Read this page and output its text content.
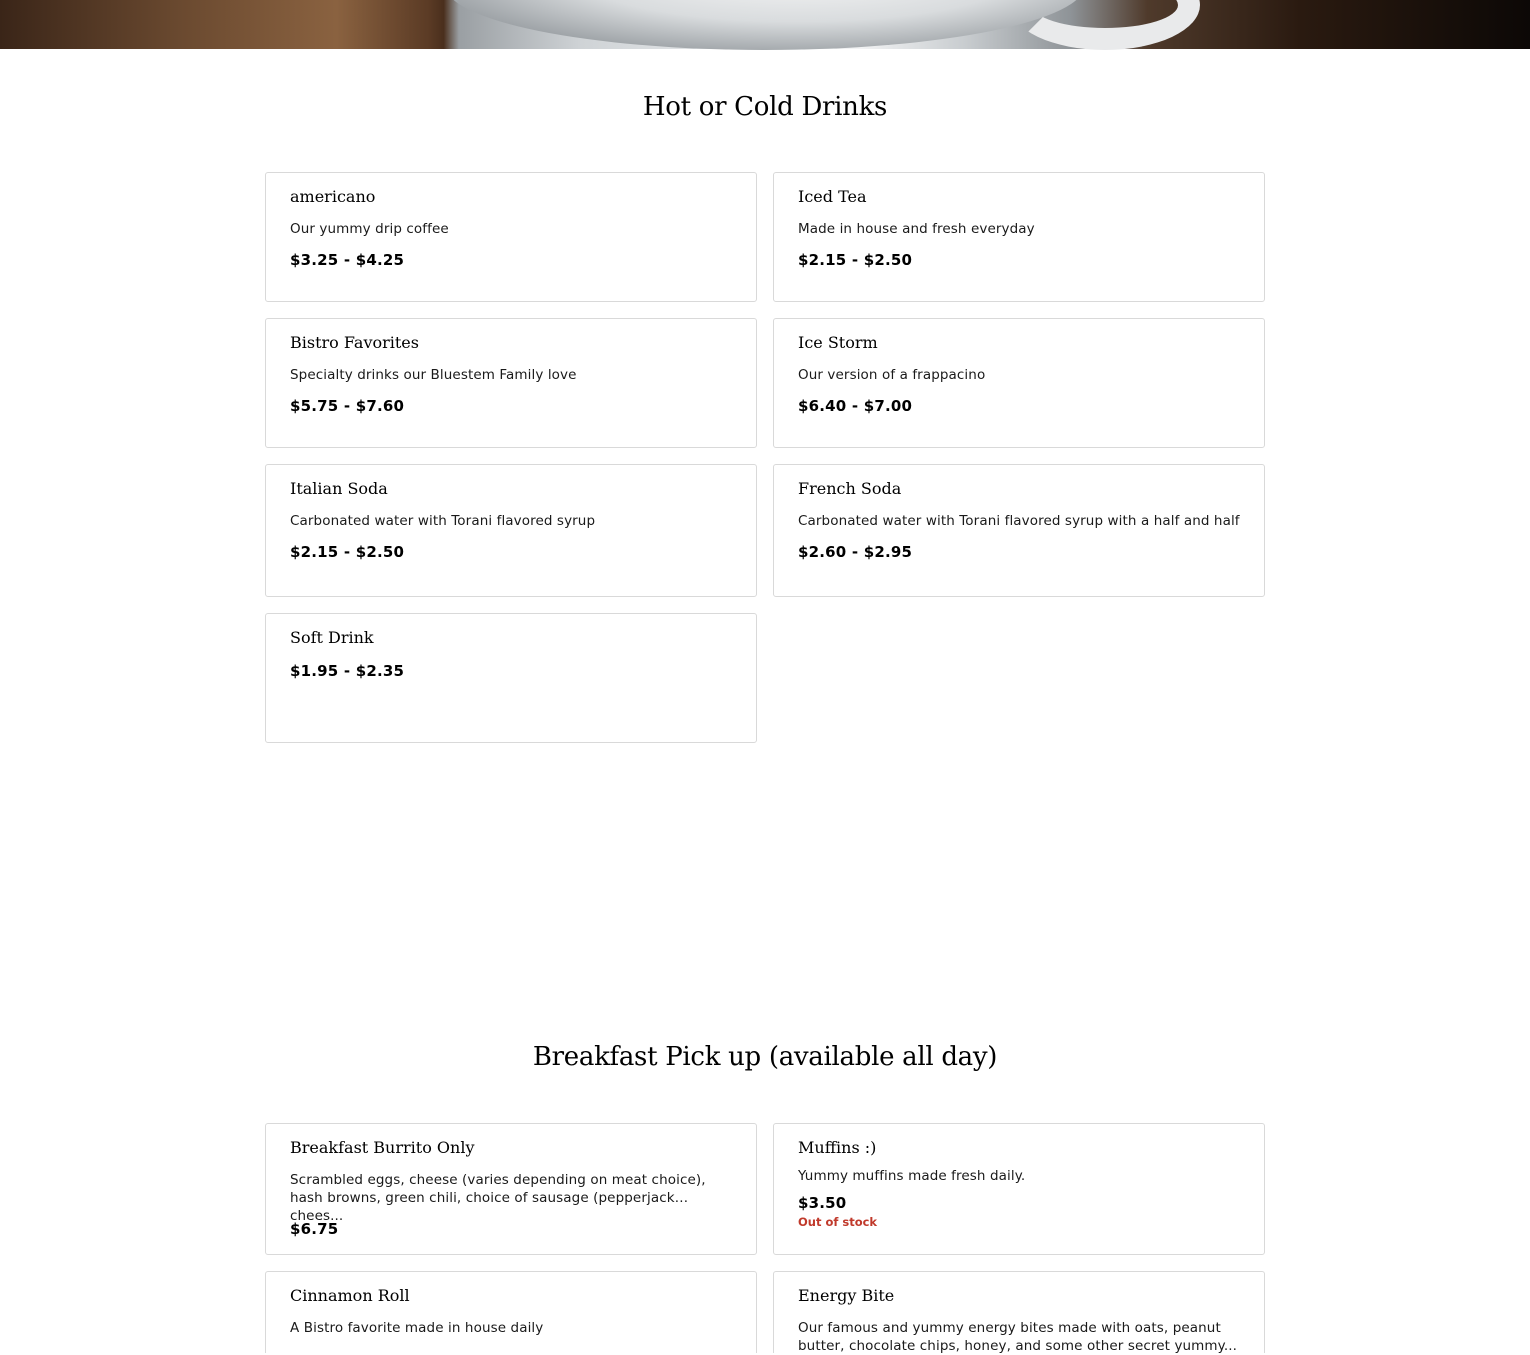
Hot or Cold Drinks
americano
Our yummy drip coffee
$3.25 - $4.25
Iced Tea
Made in house and fresh everyday
$2.15 - $2.50
Bistro Favorites
Specialty drinks our Bluestem Family love
$5.75 - $7.60
Ice Storm
Our version of a frappacino
$6.40 - $7.00
Italian Soda
Carbonated water with Torani flavored syrup
$2.15 - $2.50
French Soda
Carbonated water with Torani flavored syrup with a half and half
$2.60 - $2.95
Soft Drink
$1.95 - $2.35
Breakfast Pick up (available all day)
Breakfast Burrito Only
Scrambled eggs, cheese (varies depending on meat choice), hash browns, green chili, choice of sausage (pepperjack chees...
$6.75
Muffins :)
Yummy muffins made fresh daily.
$3.50
Out of stock
Cinnamon Roll
A Bistro favorite made in house daily
Energy Bite
Our famous and yummy energy bites made with oats, peanut butter, chocolate chips, honey, and some other secret yummy...
